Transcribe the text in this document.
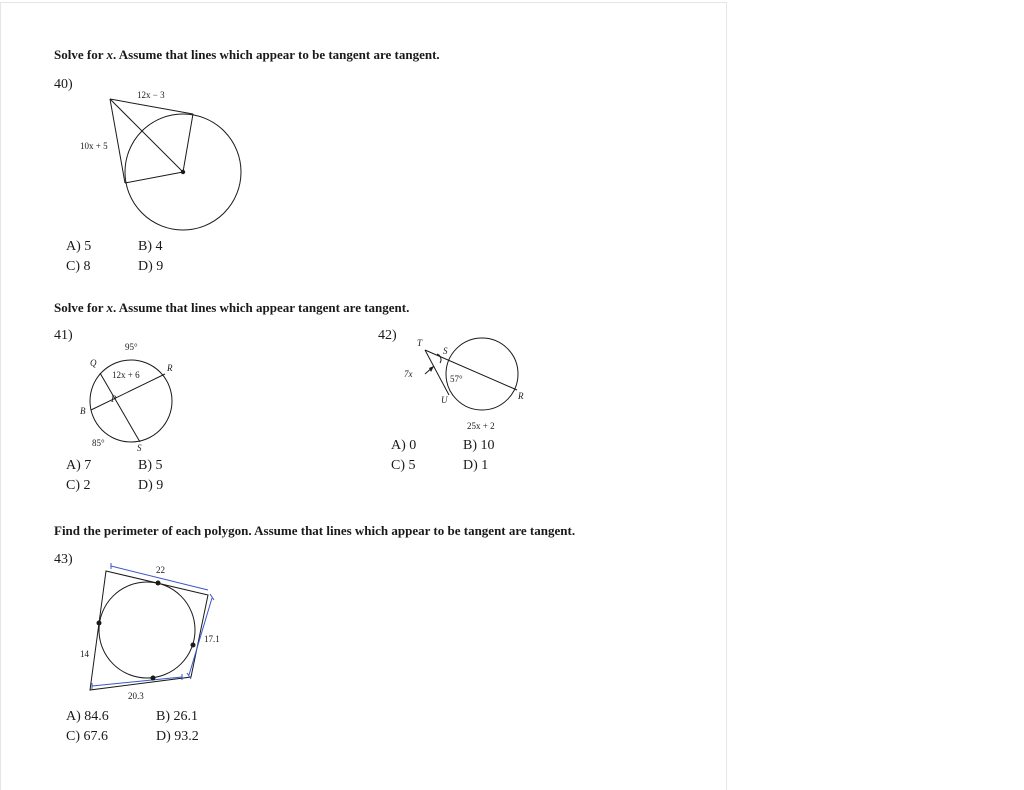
Solve for x. Assume that lines which appear to be tangent are tangent.
40)
12x − 3
10x + 5
A) 5	B) 4
C) 8	D) 9
Solve for x. Assume that lines which appear tangent are tangent.
41)
95°
Q
12x + 6
R
P
B
85°	S
A) 7	B) 5
C) 2	D) 9
42) T
S
7x	57°
U	R
25x + 2
A) 0	B) 10
C) 5	D) 1
Find the perimeter of each polygon. Assume that lines which appear to be tangent are tangent.
43)
22
17.1
14
20.3
A) 84.6	B) 26.1
C) 67.6	D) 93.2
